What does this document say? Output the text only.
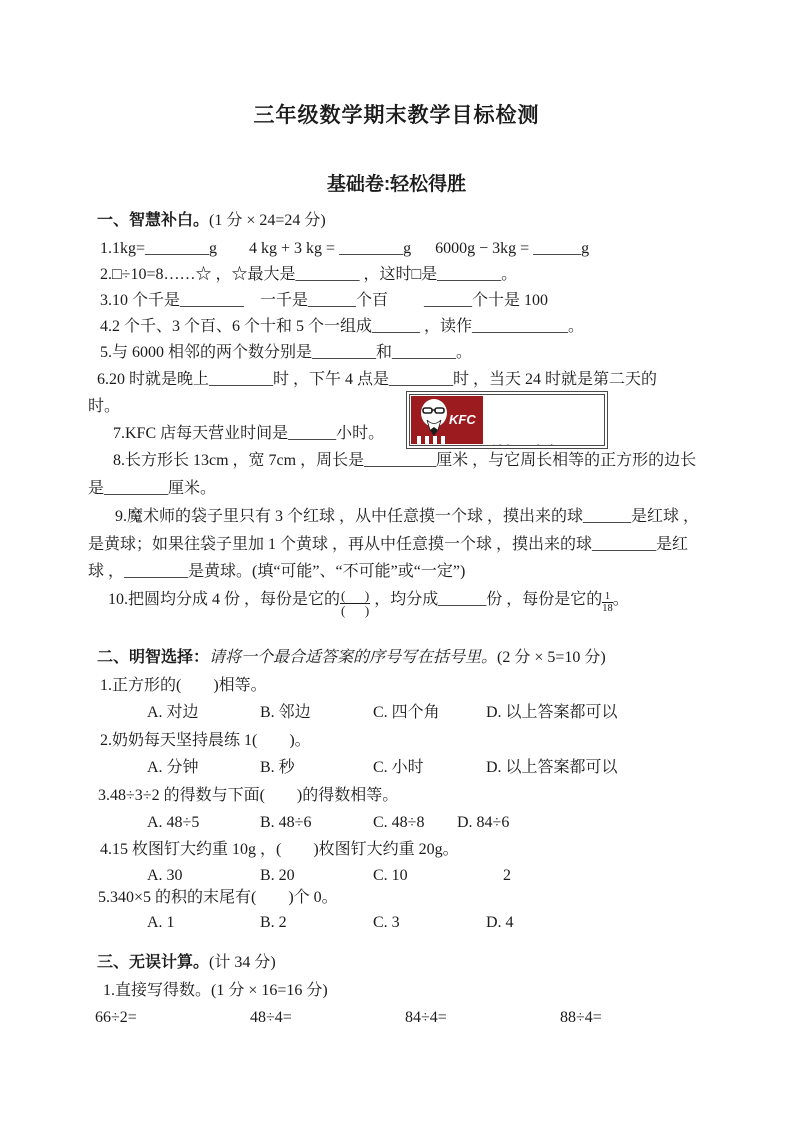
三年级数学期末教学目标检测
基础卷:轻松得胜
一、智慧补白。(1 分 × 24=24 分)
1.1kg=________g        4 kg + 3 kg = ________g      6000g − 3kg = ______g
2.□÷10=8……☆ ，☆最大是________ ，这时□是________。
3.10 个千是________    一千是______个百         ______个十是 100
4.2 个千、3 个百、6 个十和 5 个一组成______ ，读作____________。
5.与 6000 相邻的两个数分别是________和________。
6.20 时就是晚上________时 ，下午 4 点是________时 ，当天 24 时就是第二天的
时。
7.KFC 店每天营业时间是______小时。
8.长方形长 13cm ，宽 7cm ，周长是_________厘米 ，与它周长相等的正方形的边长
是________厘米。
9.魔术师的袋子里只有 3 个红球 ，从中任意摸一个球 ，摸出来的球______是红球 ，
是黄球；如果往袋子里加 1 个黄球 ，再从中任意摸一个球 ，摸出来的球________是红
球 ，________是黄球。(填“可能”、“不可能”或“一定”)
10.把圆均分成 4 份 ，每份是它的 $\frac{( )}{( )}$ ，均分成______份 ，每份是它的 $\frac{1}{18}$ 。
KFC

二、明智选择：请将一个最合适答案的序号写在括号里。(2 分 × 5=10 分)
1.正方形的(        )相等。
A. 对边	B. 邻边	C. 四个角	D. 以上答案都可以
2.奶奶每天坚持晨练 1(        )。
A. 分钟	B. 秒	C. 小时	D. 以上答案都可以
3.48÷3÷2 的得数与下面(        )的得数相等。
A. 48÷5	B. 48÷6	C. 48÷8 D. 84÷6
4.15 枚图钉大约重 10g ，(        )枚图钉大约重 20g。
A. 30	B. 20	C. 10	2
5.340×5 的积的末尾有(        )个 0。
A. 1	B. 2	C. 3	D. 4
三、无误计算。(计 34 分)
1.直接写得数。(1 分 × 16=16 分)
66÷2=	48÷4=	84÷4=	88÷4=
